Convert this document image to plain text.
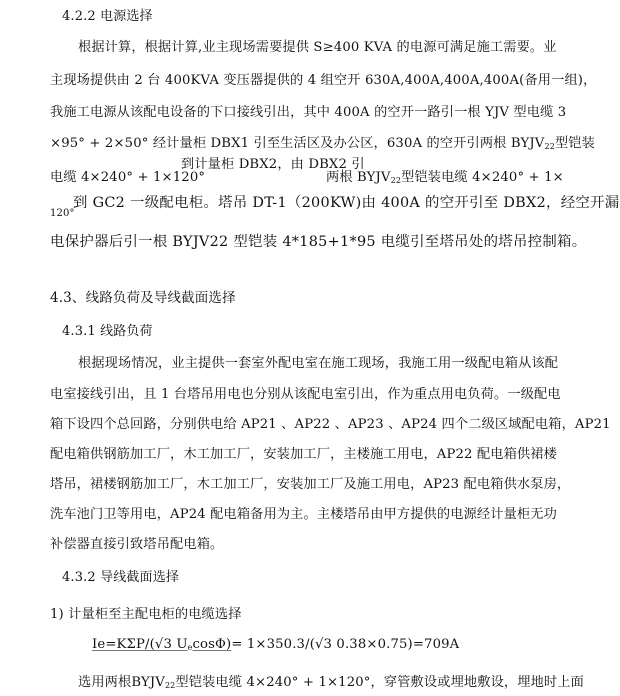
4.2.2 电源选择

根据计算，根据计算,业主现场需要提供 S≥400 KVA 的电源可满足施工需要。业

主现场提供由 2 台 400KVA 变压器提供的 4 组空开 630A,400A,400A,400A(备用一组)，

我施工电源从该配电设备的下口接线引出，其中 400A 的空开一路引一根 YJV 型电缆 3

×95° + 2×50° 经计量柜 DBX1 引至生活区及办公区，630A 的空开引两根 $BYJV_{22}$型铠装

到计量柜 DBX2，由 DBX2 引

电缆 4×240° + 1×120°	两根 $BYJV_{22}$型铠装电缆 4×240° + 1×

到 GC2 一级配电柜。塔吊 DT-1（200KW)由 400A 的空开引至 DBX2，经空开漏

120°

电保护器后引一根 BYJV22 型铠装 4*185+1*95 电缆引至塔吊处的塔吊控制箱。

4.3、线路负荷及导线截面选择

4.3.1 线路负荷

根据现场情况，业主提供一套室外配电室在施工现场，我施工用一级配电箱从该配

电室接线引出，且 1 台塔吊用电也分别从该配电室引出，作为重点用电负荷。一级配电

箱下设四个总回路，分别供电给 AP21 、AP22 、AP23 、AP24 四个二级区域配电箱，AP21

配电箱供钢筋加工厂，木工加工厂，安装加工厂，主楼施工用电，AP22 配电箱供裙楼

塔吊，裙楼钢筋加工厂，木工加工厂，安装加工厂及施工用电，AP23 配电箱供水泵房，

洗车池门卫等用电，AP24 配电箱备用为主。主楼塔吊由甲方提供的电源经计量柜无功

补偿器直接引致塔吊配电箱。

4.3.2 导线截面选择

1) 计量柜至主配电柜的电缆选择

Ie=KΣP/(√3 $U_e\cos\Phi)= 1\times 350.3/(√3$ 0.38×0.75)=709A

选用两根$BYJV_{22}$型铠装电缆 4×240° + 1×120°，穿管敷设或埋地敷设，埋地时上面
